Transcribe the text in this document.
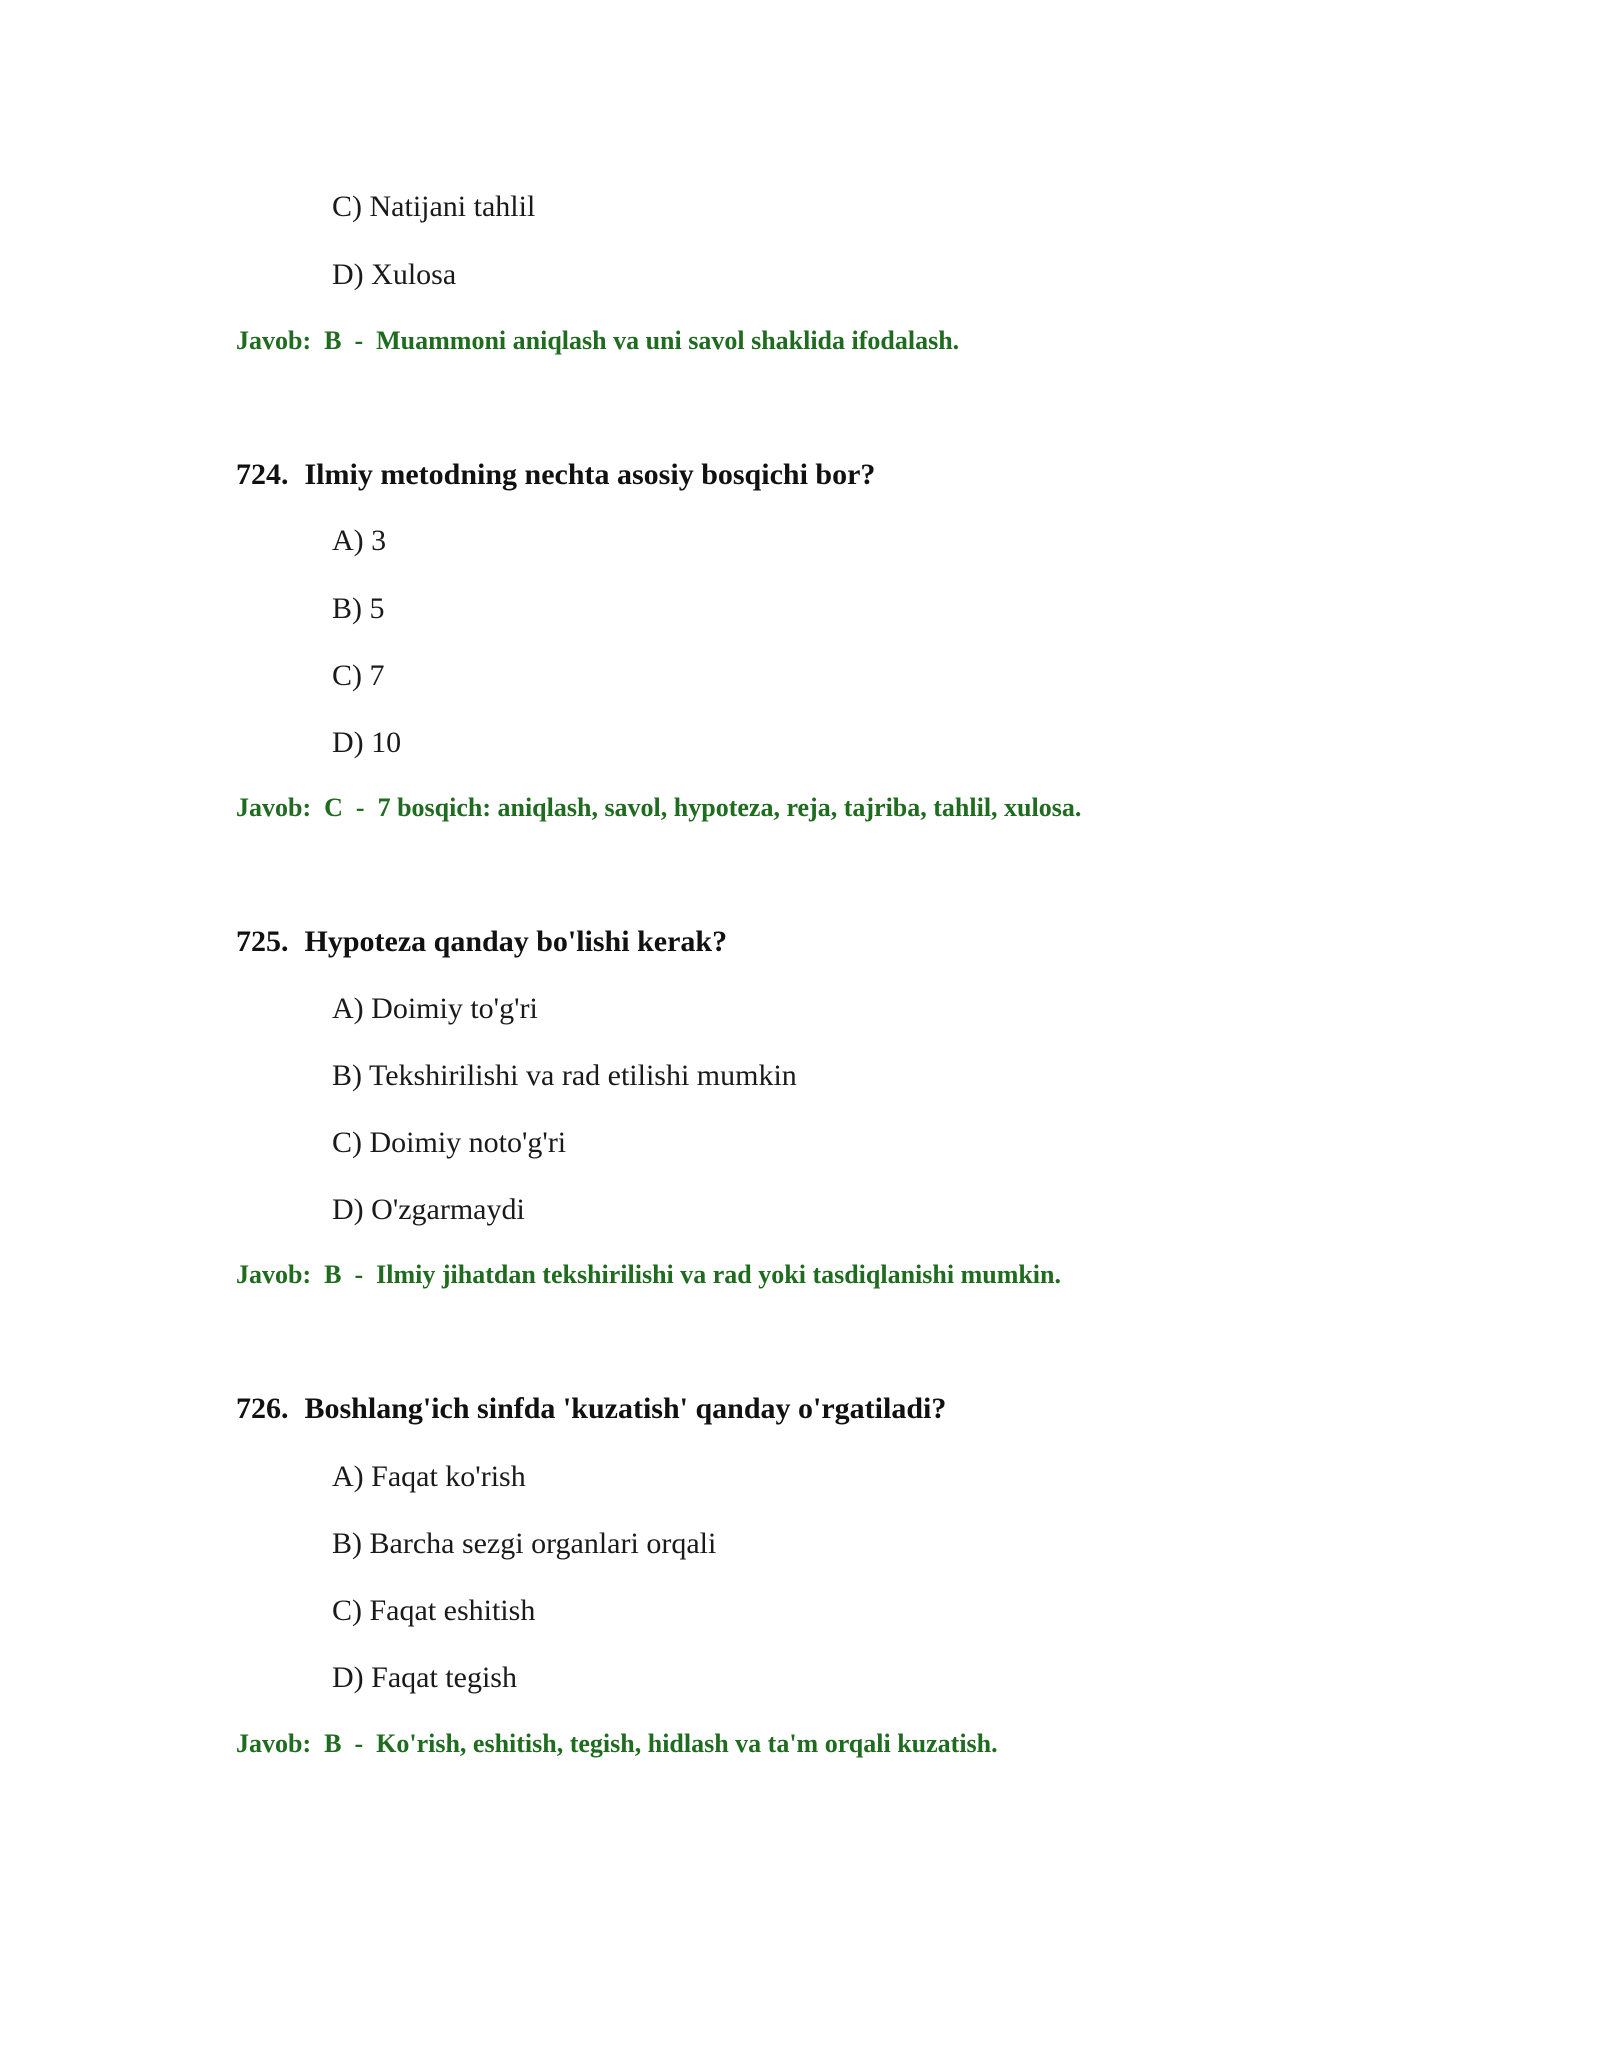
C) Natijani tahlil
D) Xulosa
Javob: B - Muammoni aniqlash va uni savol shaklida ifodalash.
724. Ilmiy metodning nechta asosiy bosqichi bor?
A) 3
B) 5
C) 7
D) 10
Javob: C - 7 bosqich: aniqlash, savol, hypoteza, reja, tajriba, tahlil, xulosa.
725. Hypoteza qanday bo'lishi kerak?
A) Doimiy to'g'ri
B) Tekshirilishi va rad etilishi mumkin
C) Doimiy noto'g'ri
D) O'zgarmaydi
Javob: B - Ilmiy jihatdan tekshirilishi va rad yoki tasdiqlanishi mumkin.
726. Boshlang'ich sinfda 'kuzatish' qanday o'rgatiladi?
A) Faqat ko'rish
B) Barcha sezgi organlari orqali
C) Faqat eshitish
D) Faqat tegish
Javob: B - Ko'rish, eshitish, tegish, hidlash va ta'm orqali kuzatish.
